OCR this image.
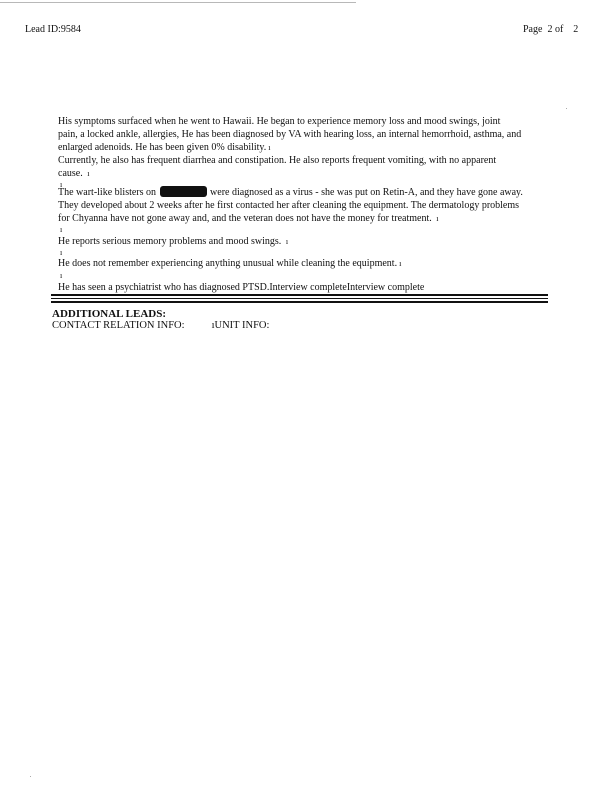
Lead ID:9584	Page 2 of 2
His symptoms surfaced when he went to Hawaii. He began to experience memory loss and mood swings, joint
pain, a locked ankle, allergies, He has been diagnosed by VA with hearing loss, an internal hemorrhoid, asthma, and
enlarged adenoids. He has been given 0% disability. ı
Currently, he also has frequent diarrhea and constipation. He also reports frequent vomiting, with no apparent
cause. ı
ı
The wart-like blisters on	were diagnosed as a virus - she was put on Retin-A, and they have gone away.
They developed about 2 weeks after he first contacted her after cleaning the equipment. The dermatology problems
for Chyanna have not gone away and, and the veteran does not have the money for treatment. ı
ı
He reports serious memory problems and mood swings. ı
ı
He does not remember experiencing anything unusual while cleaning the equipment. ı
ı
He has seen a psychiatrist who has diagnosed PTSD.Interview completeInterview complete
ADDITIONAL LEADS:
CONTACT RELATION INFO:	ıUNIT INFO:
